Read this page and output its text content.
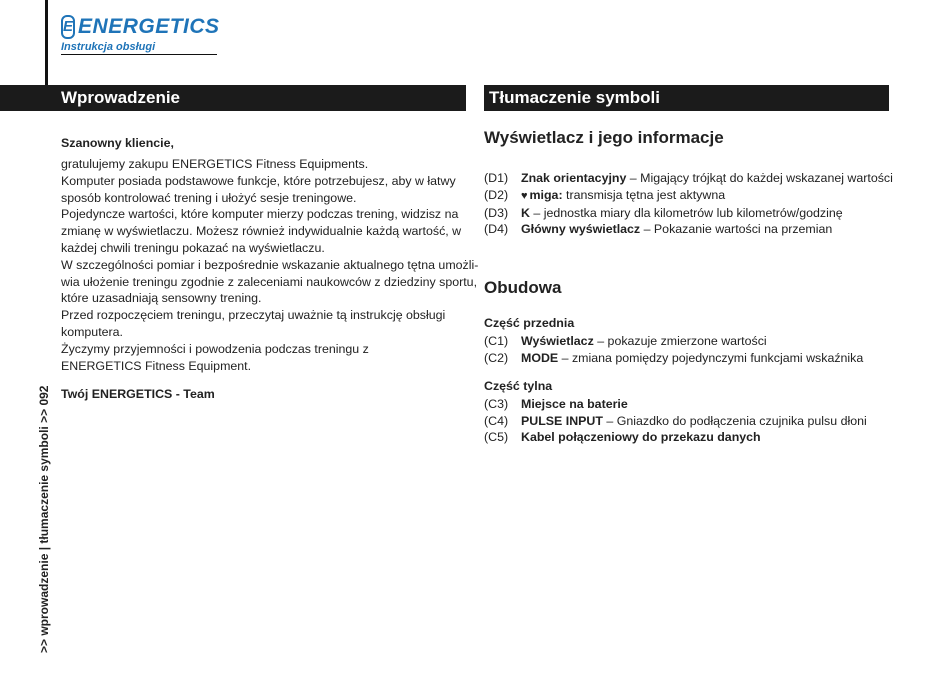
E ENERGETICS
Instrukcja obsługi
Wprowadzenie	Tłumaczenie symboli
Szanowny kliencie,
gratulujemy zakupu ENERGETICS Fitness Equipments.
Komputer posiada podstawowe funkcje, które potrzebujesz, aby w łatwy
sposób kontrolować trening i ułożyć sesje treningowe.
Pojedyncze wartości, które komputer mierzy podczas trening, widzisz na
zmianę w wyświetlaczu. Możesz również indywidualnie każdą wartość, w
każdej chwili treningu pokazać na wyświetlaczu.
W szczególności pomiar i bezpośrednie wskazanie aktualnego tętna umożli-
wia ułożenie treningu zgodnie z zaleceniami naukowców z dziedziny sportu,
które uzasadniają sensowny trening.
Przed rozpoczęciem treningu, przeczytaj uważnie tą instrukcję obsługi
komputera.
Życzymy przyjemności i powodzenia podczas treningu z
ENERGETICS Fitness Equipment.
Twój ENERGETICS - Team
Wyświetlacz i jego informacje
(D1)	Znak orientacyjny – Migający trójkąt do każdej wskazanej wartości
(D2)	♥ miga: transmisja tętna jest aktywna
(D3)	K – jednostka miary dla kilometrów lub kilometrów/godzinę
(D4)	Główny wyświetlacz – Pokazanie wartości na przemian
Obudowa
Część przednia
(C1)	Wyświetlacz – pokazuje zmierzone wartości
(C2)	MODE – zmiana pomiędzy pojedynczymi funkcjami wskaźnika
Część tylna
(C3)	Miejsce na baterie
(C4)	PULSE INPUT – Gniazdko do podłączenia czujnika pulsu dłoni
(C5)	Kabel połączeniowy do przekazu danych
>> wprowadzenie | tłumaczenie symboli >> 092
